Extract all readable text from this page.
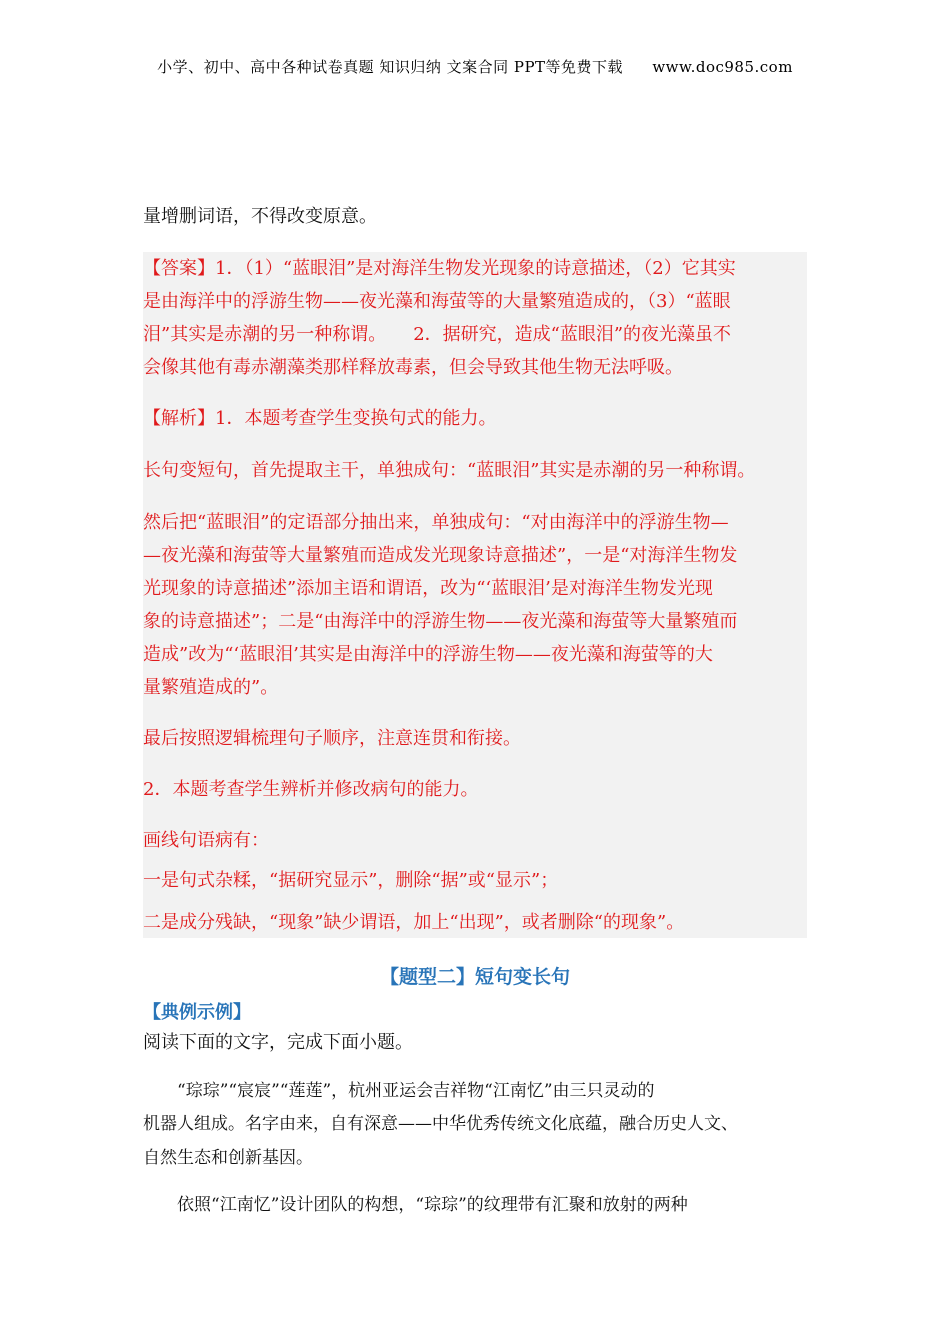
小学、初中、高中各种试卷真题 知识归纳 文案合同 PPT等免费下载 www.doc985.com
量增删词语，不得改变原意。

【答案】1．（1）“蓝眼泪”是对海洋生物发光现象的诗意描述，（2）它其实

是由海洋中的浮游生物——夜光藻和海萤等的大量繁殖造成的，（3）“蓝眼

泪”其实是赤潮的另一种称谓。　　2．据研究，造成“蓝眼泪”的夜光藻虽不

会像其他有毒赤潮藻类那样释放毒素，但会导致其他生物无法呼吸。

【解析】1．本题考查学生变换句式的能力。

长句变短句，首先提取主干，单独成句：“蓝眼泪”其实是赤潮的另一种称谓。

然后把“蓝眼泪”的定语部分抽出来，单独成句：“对由海洋中的浮游生物—

—夜光藻和海萤等大量繁殖而造成发光现象诗意描述”，一是“对海洋生物发

光现象的诗意描述”添加主语和谓语，改为“‘蓝眼泪’是对海洋生物发光现

象的诗意描述”；二是“由海洋中的浮游生物——夜光藻和海萤等大量繁殖而

造成”改为“‘蓝眼泪’其实是由海洋中的浮游生物——夜光藻和海萤等的大

量繁殖造成的”。

最后按照逻辑梳理句子顺序，注意连贯和衔接。

2．本题考查学生辨析并修改病句的能力。

画线句语病有：

一是句式杂糅，“据研究显示”，删除“据”或“显示”；

二是成分残缺，“现象”缺少谓语，加上“出现”，或者删除“的现象”。

【题型二】短句变长句
【典例示例】
阅读下面的文字，完成下面小题。
　　“琮琮”“宸宸”“莲莲”，杭州亚运会吉祥物“江南忆”由三只灵动的
机器人组成。名字由来，自有深意——中华优秀传统文化底蕴，融合历史人文、
自然生态和创新基因。
　　依照“江南忆”设计团队的构想，“琮琮”的纹理带有汇聚和放射的两种
